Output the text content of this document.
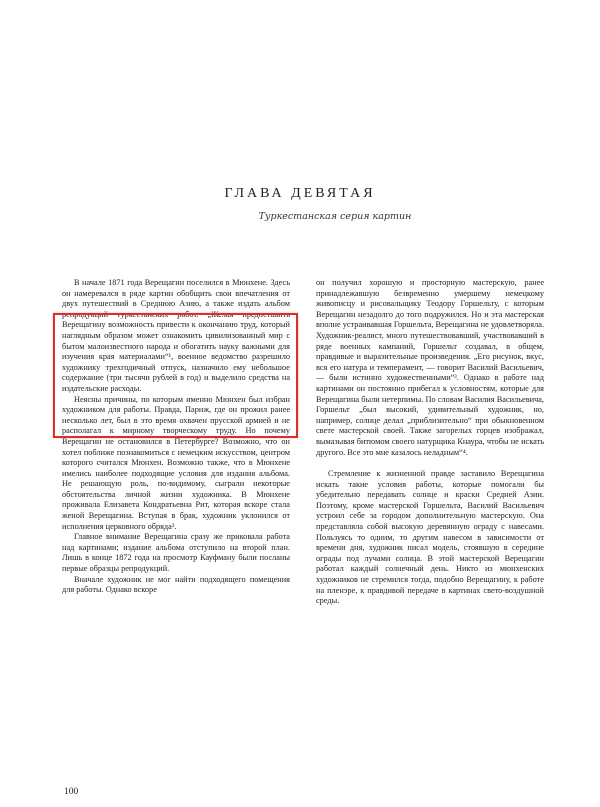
ГЛАВА ДЕВЯТАЯ
Туркестанская серия картин

В начале 1871 года Верещагин поселился в Мюнхене. Здесь он намеревался в ряде картин обобщить свои впечатления от двух путешествий в Среднюю Азию, а также издать альбом репродукций туркестанских работ. „Желая предоставить Верещагину возможность привести к окончанию труд, который наглядным образом может ознакомить цивилизованный мир с бытом малоизвестного народа и обогатить науку важными для изучения края материалами“¹, военное ведомство разрешило художнику трехгодичный отпуск, назначило ему небольшое содержание (три тысячи рублей в год) и выделило средства на издательские расходы.

Неясны причины, по которым именно Мюнхен был избран художником для работы. Правда, Париж, где он прожил ранее несколько лет, был в это время охвачен прусской армией и не располагал к мирному творческому труду. Но почему Верещагин не остановился в Петербурге? Возможно, что он хотел поближе познакомиться с немецким искусством, центром которого считался Мюнхен. Возможно также, что в Мюнхене имелись наиболее подходящие условия для издания альбома. Не решающую роль, по-видимому, сыграли некоторые обстоятельства личной жизни художника. В Мюнхене проживала Елизавета Кондратьевна Рит, которая вскоре стала женой Верещагина. Вступая в брак, художник уклонился от исполнения церковного обряда².

Главное внимание Верещагина сразу же приковала работа над картинами; издание альбома отступило на второй план. Лишь в конце 1872 года на просмотр Кауфману были посланы первые образцы репродукций.

Вначале художник не мог найти подходящего помещения для работы. Однако вскоре

он получил хорошую и просторную мастерскую, ранее принадлежавшую безвременно умершему немецкому живописцу и рисовальщику Теодору Горшельту, с которым Верещагин незадолго до того подружился. Но и эта мастерская вполне устраивавшая Горшельта, Верещагина не удовлетворяла. Художник-реалист, много путешествовавший, участвовавший в ряде военных кампаний, Горшельт создавал, в общем, правдивые и выразительные произведения. „Его рисунок, вкус, вся его натура и темперамент, — говорит Василий Васильевич, — были истинно художественными“³. Однако в работе над картинами он постоянно прибегал к условностям, которые для Верещагина были нетерпимы. По словам Василия Васильевича, Горшельт „был высокий, удивительный художник, но, например, солнце делал „приблизительно“ при обыкновенном свете мастерской своей. Также загорелых горцев изображал, вымазывая битюмом своего натурщика Кнаура, чтобы не искать другого. Все это мне казалось неладным“⁴.

Стремление к жизненной правде заставило Верещагина искать такие условия работы, которые помогали бы убедительно передавать солнце и краски Средней Азии. Поэтому, кроме мастерской Горшельта, Василий Васильевич устроил себе за городом дополнительную мастерскую. Она представляла собой высокую деревянную ограду с навесами. Пользуясь то одним, то другим навесом в зависимости от времени дня, художник писал модель, стоявшую в середине ограды под лучами солнца. В этой мастерской Верещагин работал каждый солнечный день. Никто из мюнхенских художников не стремился тогда, подобно Верещагину, к работе на пленэре, к правдивой передаче в картинах свето-воздушной среды.

100
